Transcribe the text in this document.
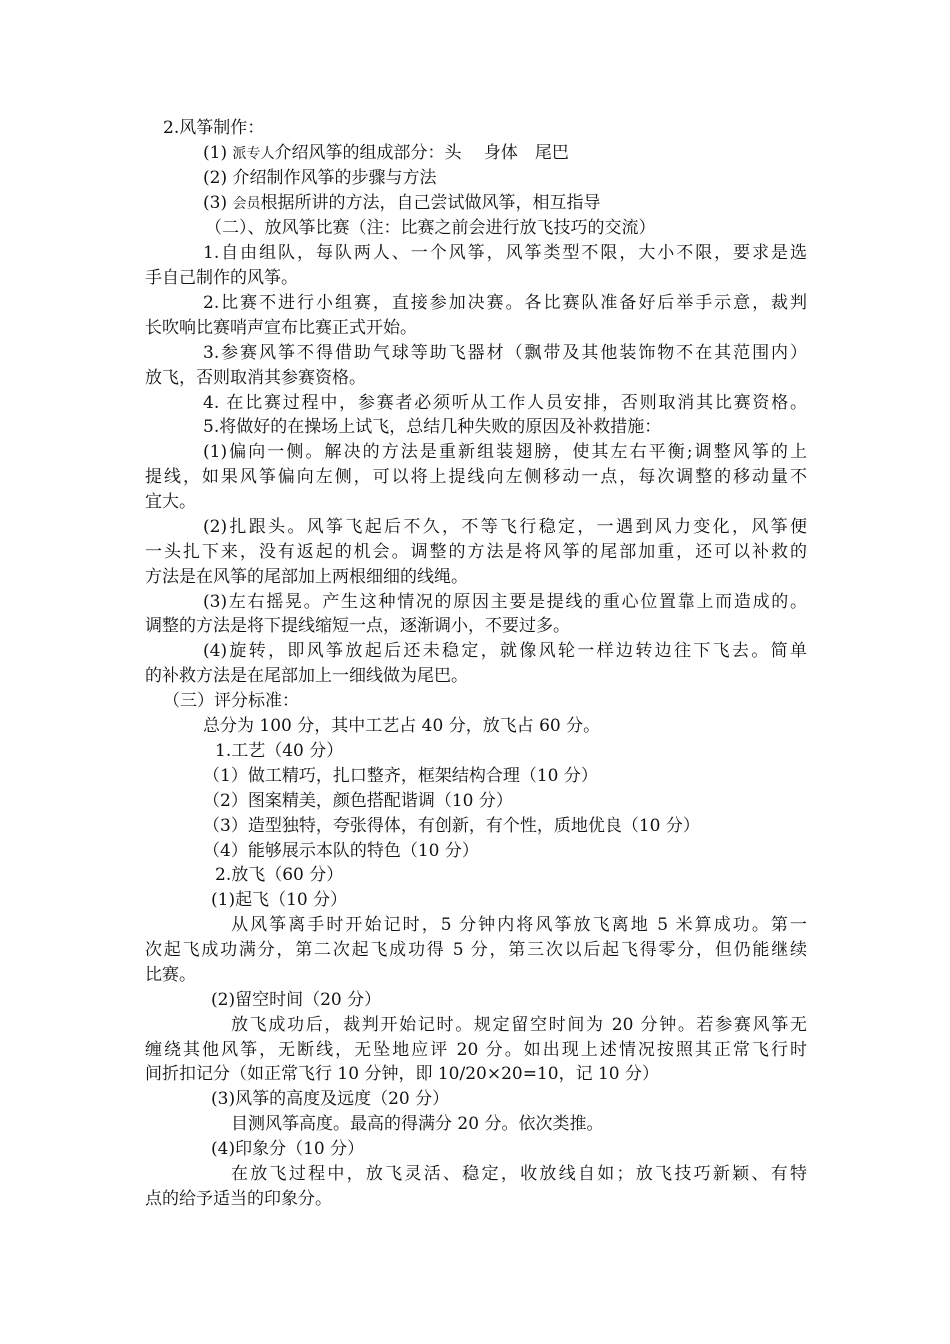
2.风筝制作：
(1) 派专人介绍风筝的组成部分：头　 身体　尾巴
(2) 介绍制作风筝的步骤与方法
(3) 会员根据所讲的方法，自己尝试做风筝，相互指导
（二）、放风筝比赛（注：比赛之前会进行放飞技巧的交流）
1.自由组队，每队两人、一个风筝，风筝类型不限，大小不限，要求是选
手自己制作的风筝。
2.比赛不进行小组赛，直接参加决赛。各比赛队准备好后举手示意，裁判
长吹响比赛哨声宣布比赛正式开始。
3.参赛风筝不得借助气球等助飞器材（飘带及其他装饰物不在其范围内）
放飞，否则取消其参赛资格。
4. 在比赛过程中，参赛者必须听从工作人员安排，否则取消其比赛资格。
5.将做好的在操场上试飞，总结几种失败的原因及补救措施：
(1)偏向一侧。解决的方法是重新组装翅膀，使其左右平衡;调整风筝的上
提线，如果风筝偏向左侧，可以将上提线向左侧移动一点，每次调整的移动量不
宜大。
(2)扎跟头。风筝飞起后不久，不等飞行稳定，一遇到风力变化，风筝便
一头扎下来，没有返起的机会。调整的方法是将风筝的尾部加重，还可以补救的
方法是在风筝的尾部加上两根细细的线绳。
(3)左右摇晃。产生这种情况的原因主要是提线的重心位置靠上而造成的。
调整的方法是将下提线缩短一点，逐渐调小，不要过多。
(4)旋转，即风筝放起后还未稳定，就像风轮一样边转边往下飞去。简单
的补救方法是在尾部加上一细线做为尾巴。
（三）评分标准：
总分为 100 分，其中工艺占 40 分，放飞占 60 分。
1.工艺（40 分）
（1）做工精巧，扎口整齐，框架结构合理（10 分）
（2）图案精美，颜色搭配谐调（10 分）
（3）造型独特，夸张得体，有创新，有个性，质地优良（10 分）
（4）能够展示本队的特色（10 分）
2.放飞（60 分）
(1)起飞（10 分）
从风筝离手时开始记时，5 分钟内将风筝放飞离地 5 米算成功。第一
次起飞成功满分，第二次起飞成功得 5 分，第三次以后起飞得零分，但仍能继续
比赛。
(2)留空时间（20 分）
放飞成功后，裁判开始记时。规定留空时间为 20 分钟。若参赛风筝无
缠绕其他风筝，无断线，无坠地应评 20 分。如出现上述情况按照其正常飞行时
间折扣记分（如正常飞行 10 分钟，即 10/20×20=10，记 10 分）
(3)风筝的高度及远度（20 分）
目测风筝高度。最高的得满分 20 分。依次类推。
(4)印象分（10 分）
在放飞过程中，放飞灵活、稳定，收放线自如；放飞技巧新颖、有特
点的给予适当的印象分。
